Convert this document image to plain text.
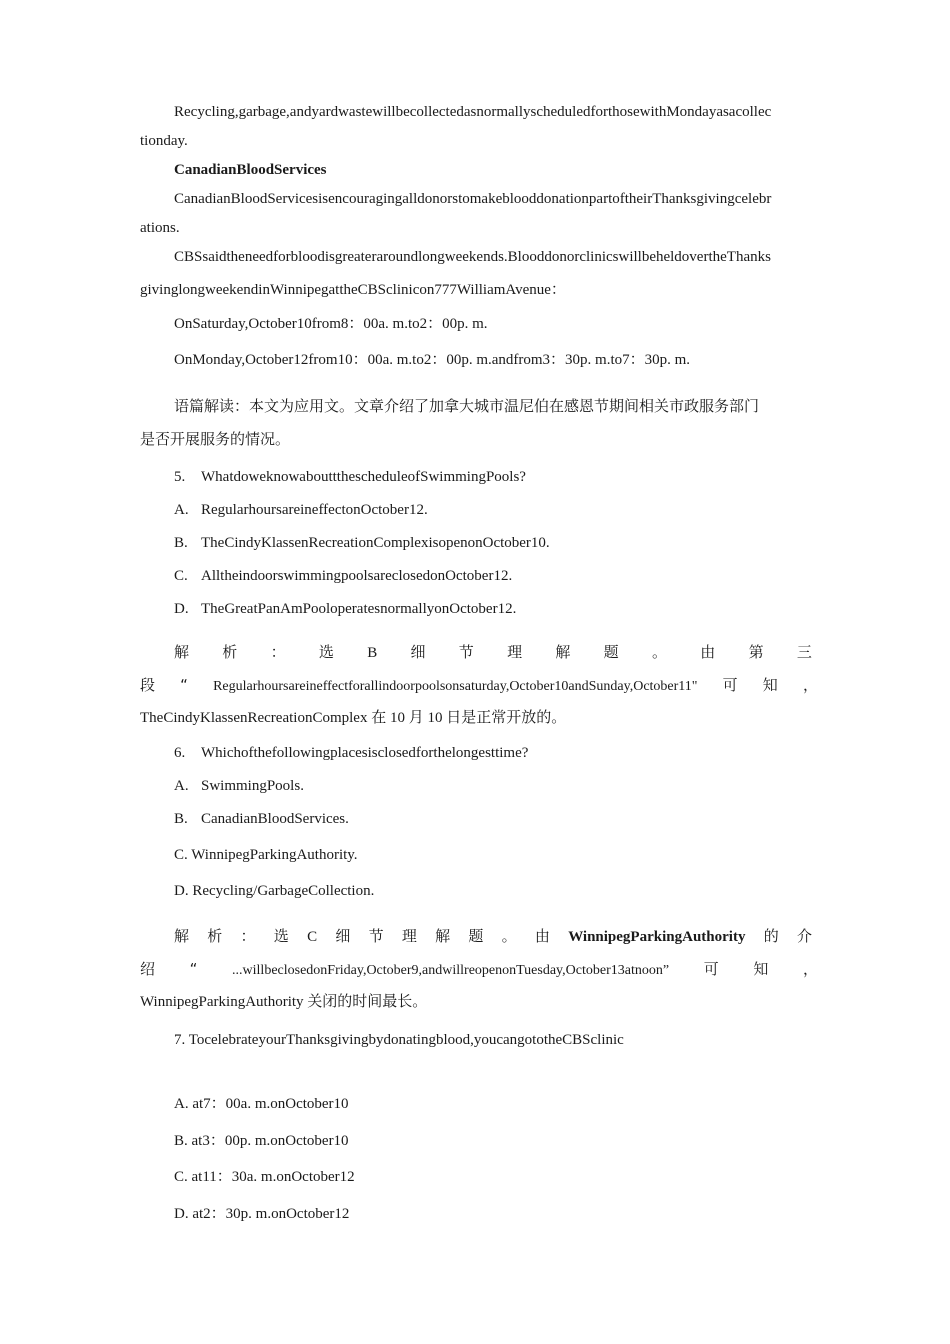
Recycling,garbage,andyardwastewillbecollectedasnormallyscheduledforthosewithMondayasacollec
tionday.
CanadianBloodServices
CanadianBloodServicesisencouragingalldonorstomakeblooddonationpartoftheirThanksgivingcelebr
ations.
CBSsaidtheneedforbloodisgreateraroundlongweekends.BlooddonorclinicswillbeheldovertheThanks
givinglongweekendinWinnipegattheCBSclinicon777WilliamAvenue：
OnSaturday,October10from8：00a. m.to2：00p. m.
OnMonday,October12from10：00a. m.to2：00p. m.andfrom3：30p. m.to7：30p. m.
语篇解读：本文为应用文。文章介绍了加拿大城市温尼伯在感恩节期间相关市政服务部门
是否开展服务的情况。
5. WhatdoweknowabouttthescheduleofSwimmingPools?
A. RegularhoursareineffectonOctober12.
B. TheCindyKlassenRecreationComplexisopenonOctober10.
C. AlltheindoorswimmingpoolsareclosedonOctober12.
D. TheGreatPanAmPooloperatesnormallyonOctober12.
解 析 ： 选 B 细 节 理 解 题 。 由 第 三
段 “ Regularhoursareineffectforallindoorpoolsonsaturday,October10andSunday,October11" 可 知 ，
TheCindyKlassenRecreationComplex 在 10 月 10 日是正常开放的。
6. Whichofthefollowingplacesisclosedforthelongesttime?
A. SwimmingPools.
B. CanadianBloodServices.
C. WinnipegParkingAuthority.
D. Recycling/GarbageCollection.
解 析 ： 选 C 细 节 理 解 题 。 由 WinnipegParkingAuthority 的 介
绍 “ ...willbeclosedonFriday,October9,andwillreopenonTuesday,October13atnoon” 可 知 ，
WinnipegParkingAuthority 关闭的时间最长。
7. TocelebrateyourThanksgivingbydonatingblood,youcangototheCBSclinic
A. at7：00a. m.onOctober10
B. at3：00p. m.onOctober10
C. at11：30a. m.onOctober12
D. at2：30p. m.onOctober12
